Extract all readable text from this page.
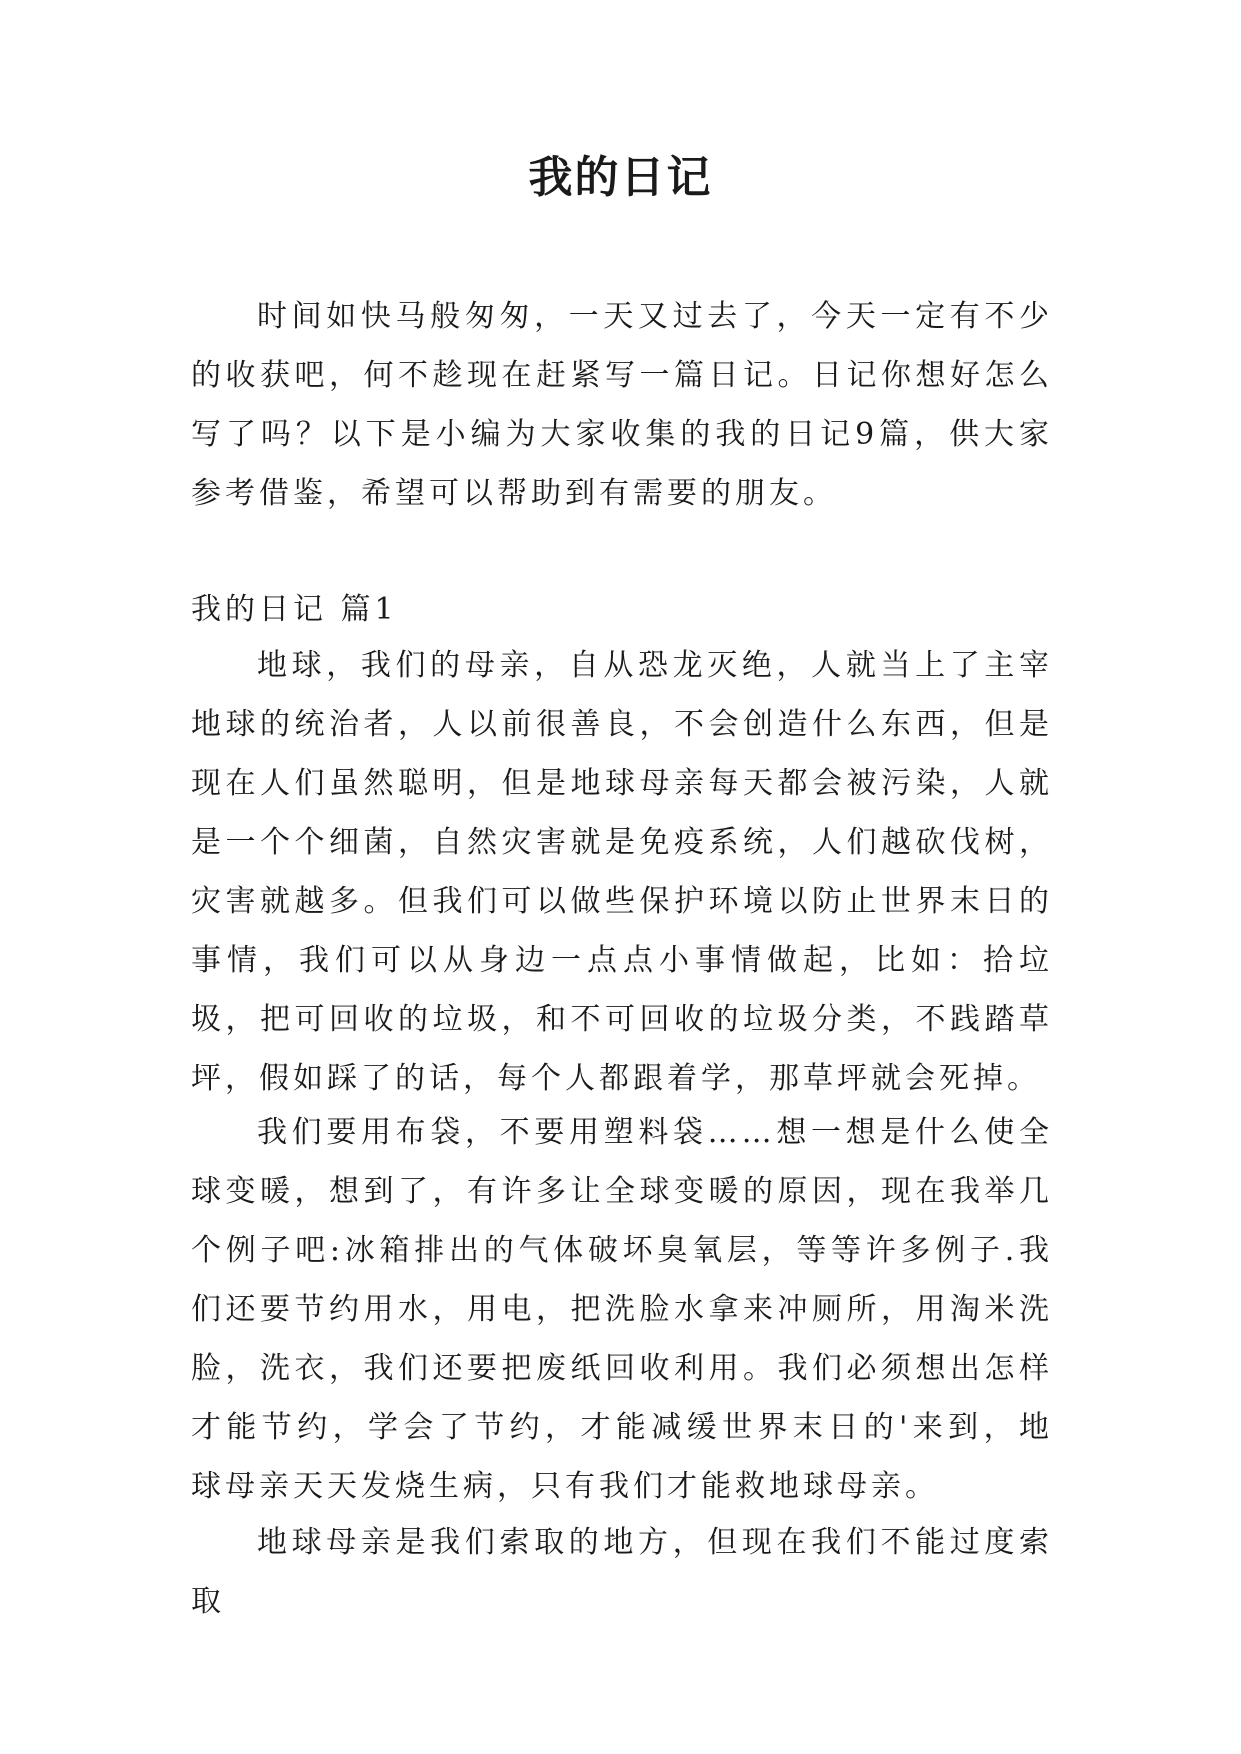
我的日记

时间如快马般匆匆，一天又过去了，今天一定有不少的收获吧，何不趁现在赶紧写一篇日记。日记你想好怎么写了吗？以下是小编为大家收集的我的日记9篇，供大家参考借鉴，希望可以帮助到有需要的朋友。

我的日记 篇1

地球，我们的母亲，自从恐龙灭绝，人就当上了主宰地球的统治者，人以前很善良，不会创造什么东西，但是现在人们虽然聪明，但是地球母亲每天都会被污染，人就是一个个细菌，自然灾害就是免疫系统，人们越砍伐树，灾害就越多。但我们可以做些保护环境以防止世界末日的事情，我们可以从身边一点点小事情做起，比如：拾垃圾，把可回收的垃圾，和不可回收的垃圾分类，不践踏草坪，假如踩了的话，每个人都跟着学，那草坪就会死掉。

我们要用布袋，不要用塑料袋……想一想是什么使全球变暖，想到了，有许多让全球变暖的原因，现在我举几个例子吧:冰箱排出的气体破坏臭氧层，等等许多例子.我们还要节约用水，用电，把洗脸水拿来冲厕所，用淘米洗脸，洗衣，我们还要把废纸回收利用。我们必须想出怎样才能节约，学会了节约，才能减缓世界末日的'来到，地球母亲天天发烧生病，只有我们才能救地球母亲。

地球母亲是我们索取的地方，但现在我们不能过度索取
